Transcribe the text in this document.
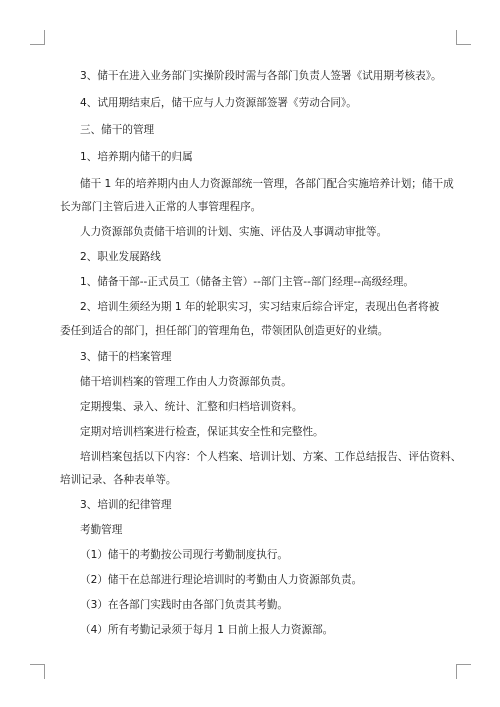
3、储干在进入业务部门实操阶段时需与各部门负责人签署《试用期考核表》。
4、试用期结束后，储干应与人力资源部签署《劳动合同》。
三、储干的管理
1、培养期内储干的归属
储干 1 年的培养期内由人力资源部统一管理，各部门配合实施培养计划；储干成
长为部门主管后进入正常的人事管理程序。
人力资源部负责储干培训的计划、实施、评估及人事调动审批等。
2、职业发展路线
1、储备干部--正式员工（储备主管）--部门主管--部门经理--高级经理。
2、培训生须经为期 1 年的轮职实习，实习结束后综合评定，表现出色者将被
委任到适合的部门，担任部门的管理角色，带领团队创造更好的业绩。
3、储干的档案管理
储干培训档案的管理工作由人力资源部负责。
定期搜集、录入、统计、汇整和归档培训资料。
定期对培训档案进行检查，保证其安全性和完整性。
培训档案包括以下内容：个人档案、培训计划、方案、工作总结报告、评估资料、
培训记录、各种表单等。
3、培训的纪律管理
考勤管理
（1）储干的考勤按公司现行考勤制度执行。
（2）储干在总部进行理论培训时的考勤由人力资源部负责。
（3）在各部门实践时由各部门负责其考勤。
（4）所有考勤记录须于每月 1 日前上报人力资源部。
